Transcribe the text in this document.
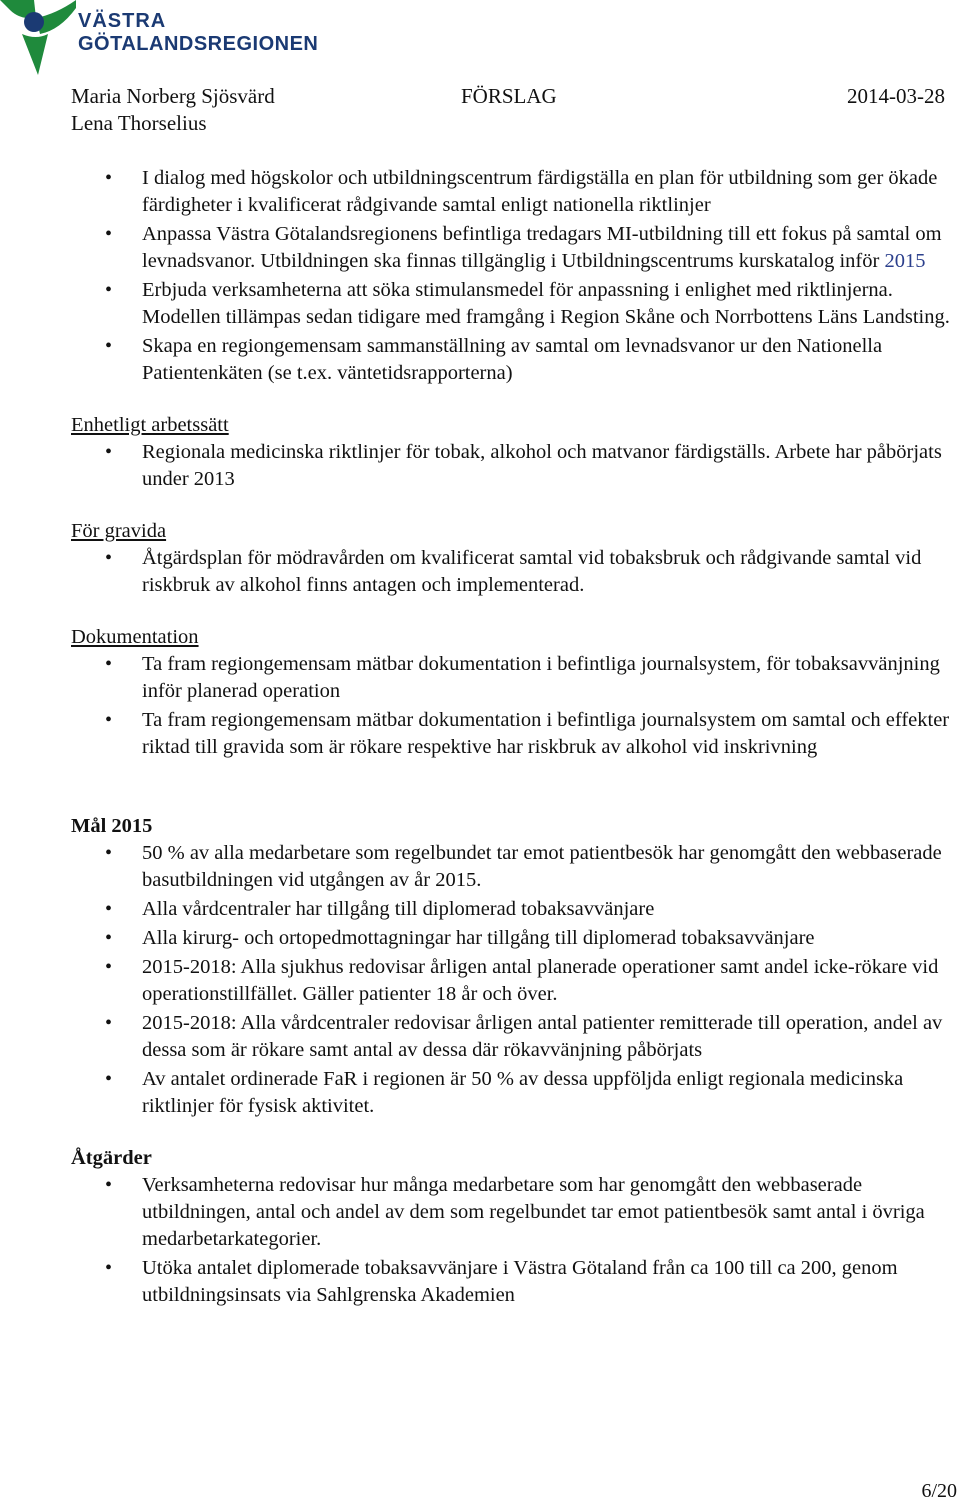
VÄSTRA
GÖTALANDSREGIONEN
Maria Norberg Sjösvärd
Lena Thorselius
FÖRSLAG	2014-03-28
• I dialog med högskolor och utbildningscentrum färdigställa en plan för utbildning som ger ökade färdigheter i kvalificerat rådgivande samtal enligt nationella riktlinjer
• Anpassa Västra Götalandsregionens befintliga tredagars MI-utbildning till ett fokus på samtal om levnadsvanor. Utbildningen ska finnas tillgänglig i Utbildningscentrums kurskatalog inför 2015
• Erbjuda verksamheterna att söka stimulansmedel för anpassning i enlighet med riktlinjerna. Modellen tillämpas sedan tidigare med framgång i Region Skåne och Norrbottens Läns Landsting.
• Skapa en regiongemensam sammanställning av samtal om levnadsvanor ur den Nationella Patientenkäten (se t.ex. väntetidsrapporterna)

Enhetligt arbetssätt

• Regionala medicinska riktlinjer för tobak, alkohol och matvanor färdigställs. Arbete har påbörjats under 2013

För gravida

• Åtgärdsplan för mödravården om kvalificerat samtal vid tobaksbruk och rådgivande samtal vid riskbruk av alkohol finns antagen och implementerad.

Dokumentation

• Ta fram regiongemensam mätbar dokumentation i befintliga journalsystem, för tobaksavvänjning inför planerad operation
• Ta fram regiongemensam mätbar dokumentation i befintliga journalsystem om samtal och effekter riktad till gravida som är rökare respektive har riskbruk av alkohol vid inskrivning

Mål 2015

• 50 % av alla medarbetare som regelbundet tar emot patientbesök har genomgått den webbaserade basutbildningen vid utgången av år 2015.
• Alla vårdcentraler har tillgång till diplomerad tobaksavvänjare
• Alla kirurg- och ortopedmottagningar har tillgång till diplomerad tobaksavvänjare
• 2015-2018: Alla sjukhus redovisar årligen antal planerade operationer samt andel icke-rökare vid operationstillfället. Gäller patienter 18 år och över.
• 2015-2018: Alla vårdcentraler redovisar årligen antal patienter remitterade till operation, andel av dessa som är rökare samt antal av dessa där rökavvänjning påbörjats
• Av antalet ordinerade FaR i regionen är 50 % av dessa uppföljda enligt regionala medicinska riktlinjer för fysisk aktivitet.

Åtgärder

• Verksamheterna redovisar hur många medarbetare som har genomgått den webbaserade utbildningen, antal och andel av dem som regelbundet tar emot patientbesök samt antal i övriga medarbetarkategorier.
• Utöka antalet diplomerade tobaksavvänjare i Västra Götaland från ca 100 till ca 200, genom utbildningsinsats via Sahlgrenska Akademien
6/20
